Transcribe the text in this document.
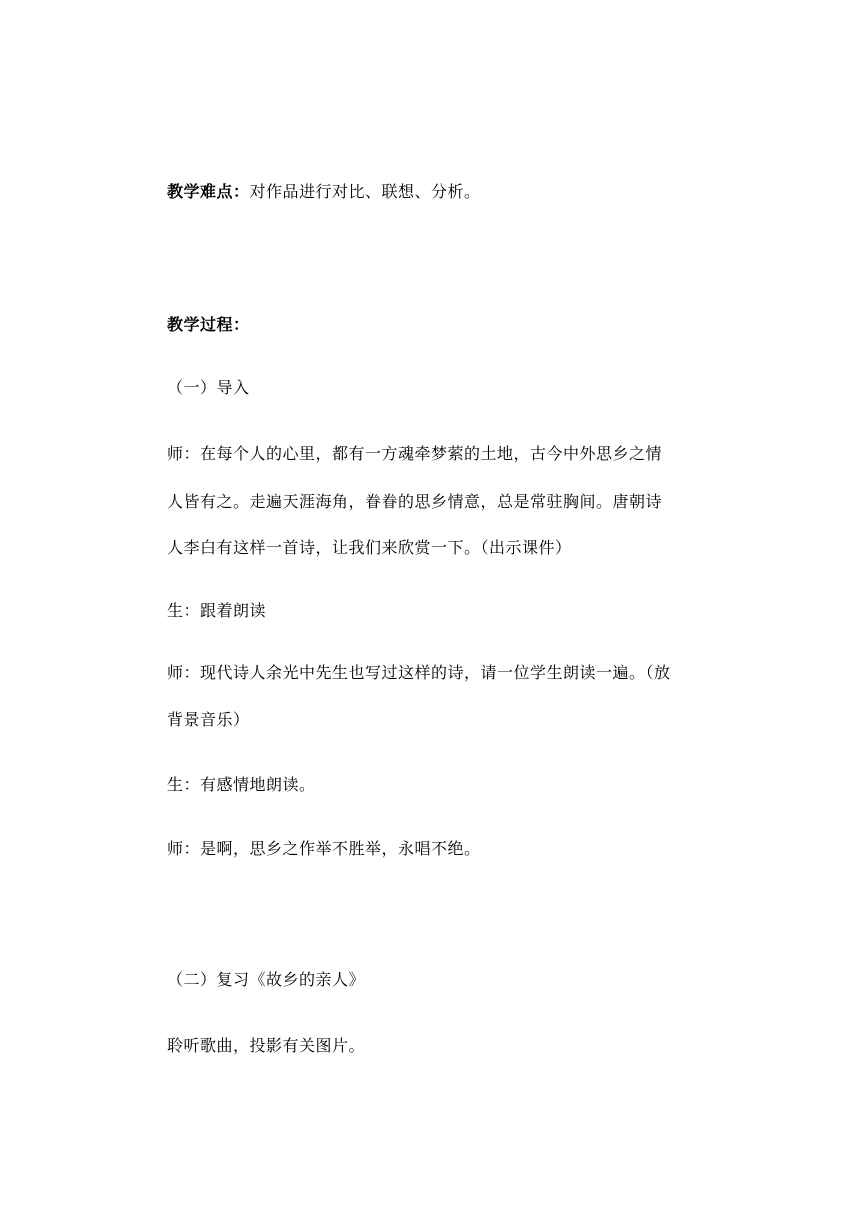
教学难点：对作品进行对比、联想、分析。
教学过程：
（一）导入
师：在每个人的心里，都有一方魂牵梦萦的土地，古今中外思乡之情
人皆有之。走遍天涯海角，眷眷的思乡情意，总是常驻胸间。唐朝诗
人李白有这样一首诗，让我们来欣赏一下。（出示课件）
生：跟着朗读
师：现代诗人余光中先生也写过这样的诗，请一位学生朗读一遍。（放
背景音乐）
生：有感情地朗读。
师：是啊，思乡之作举不胜举，永唱不绝。
（二）复习《故乡的亲人》
聆听歌曲，投影有关图片。
